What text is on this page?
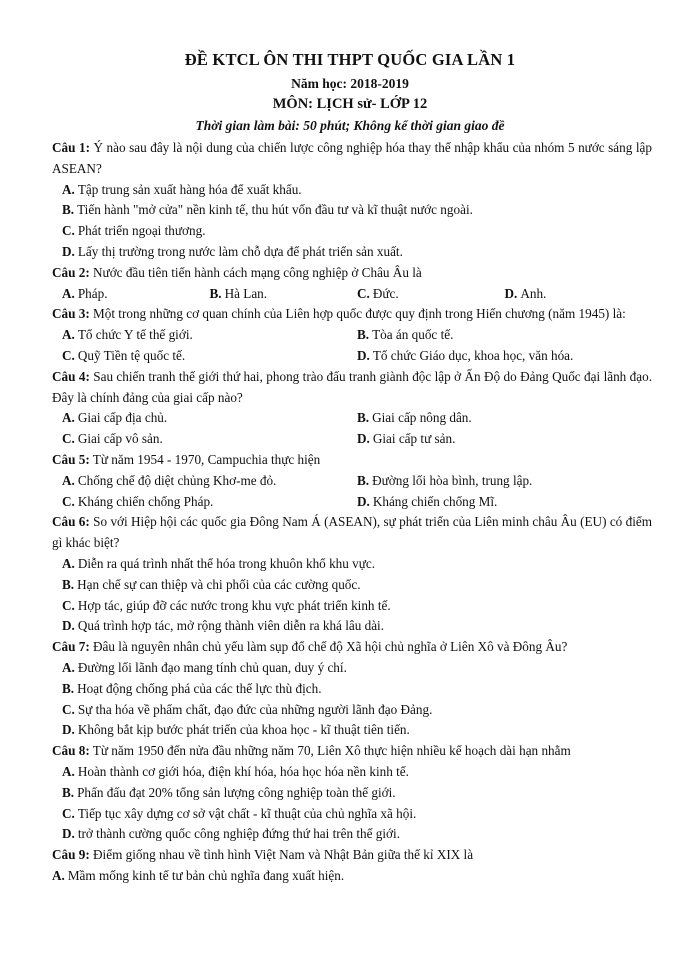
ĐỀ KTCL ÔN THI THPT QUỐC GIA LẦN 1
Năm học: 2018-2019
MÔN: LỊCH sử- LỚP 12
Thời gian làm bài: 50 phút; Không kể thời gian giao đề
Câu 1: Ý nào sau đây là nội dung của chiến lược công nghiệp hóa thay thế nhập khẩu của nhóm 5 nước sáng lập ASEAN?
A. Tập trung sản xuất hàng hóa để xuất khẩu.
B. Tiến hành "mở cửa" nền kinh tế, thu hút vốn đầu tư và kĩ thuật nước ngoài.
C. Phát triển ngoại thương.
D. Lấy thị trường trong nước làm chỗ dựa để phát triển sản xuất.
Câu 2: Nước đầu tiên tiến hành cách mạng công nghiệp ở Châu Âu là
A. Pháp.	B. Hà Lan.	C. Đức.	D. Anh.
Câu 3: Một trong những cơ quan chính của Liên hợp quốc được quy định trong Hiến chương (năm 1945) là:
A. Tổ chức Y tế thế giới.	B. Tòa án quốc tế.
C. Quỹ Tiền tệ quốc tế.	D. Tổ chức Giáo dục, khoa học, văn hóa.
Câu 4: Sau chiến tranh thế giới thứ hai, phong trào đấu tranh giành độc lập ở Ấn Độ do Đảng Quốc đại lãnh đạo. Đây là chính đảng của giai cấp nào?
A. Giai cấp địa chủ.	B. Giai cấp nông dân.
C. Giai cấp vô sản.	D. Giai cấp tư sản.
Câu 5: Từ năm 1954 - 1970, Campuchia thực hiện
A. Chống chế độ diệt chủng Khơ-me đỏ.	B. Đường lối hòa bình, trung lập.
C. Kháng chiến chống Pháp.	D. Kháng chiến chống Mĩ.
Câu 6: So với Hiệp hội các quốc gia Đông Nam Á (ASEAN), sự phát triển của Liên minh châu Âu (EU) có điểm gì khác biệt?
A. Diễn ra quá trình nhất thể hóa trong khuôn khổ khu vực.
B. Hạn chế sự can thiệp và chi phối của các cường quốc.
C. Hợp tác, giúp đỡ các nước trong khu vực phát triển kinh tế.
D. Quá trình hợp tác, mở rộng thành viên diễn ra khá lâu dài.
Câu 7: Đâu là nguyên nhân chủ yếu làm sụp đổ chế độ Xã hội chủ nghĩa ở Liên Xô và Đông Âu?
A. Đường lối lãnh đạo mang tính chủ quan, duy ý chí.
B. Hoạt động chống phá của các thế lực thù địch.
C. Sự tha hóa về phẩm chất, đạo đức của những người lãnh đạo Đảng.
D. Không bắt kịp bước phát triển của khoa học - kĩ thuật tiên tiến.
Câu 8: Từ năm 1950 đến nửa đầu những năm 70, Liên Xô thực hiện nhiều kế hoạch dài hạn nhằm
A. Hoàn thành cơ giới hóa, điện khí hóa, hóa học hóa nền kinh tế.
B. Phấn đấu đạt 20% tổng sản lượng công nghiệp toàn thế giới.
C. Tiếp tục xây dựng cơ sở vật chất - kĩ thuật của chủ nghĩa xã hội.
D. trở thành cường quốc công nghiệp đứng thứ hai trên thế giới.
Câu 9: Điểm giống nhau về tình hình Việt Nam và Nhật Bản giữa thế kỉ XIX là
A. Mầm mống kinh tế tư bản chủ nghĩa đang xuất hiện.
